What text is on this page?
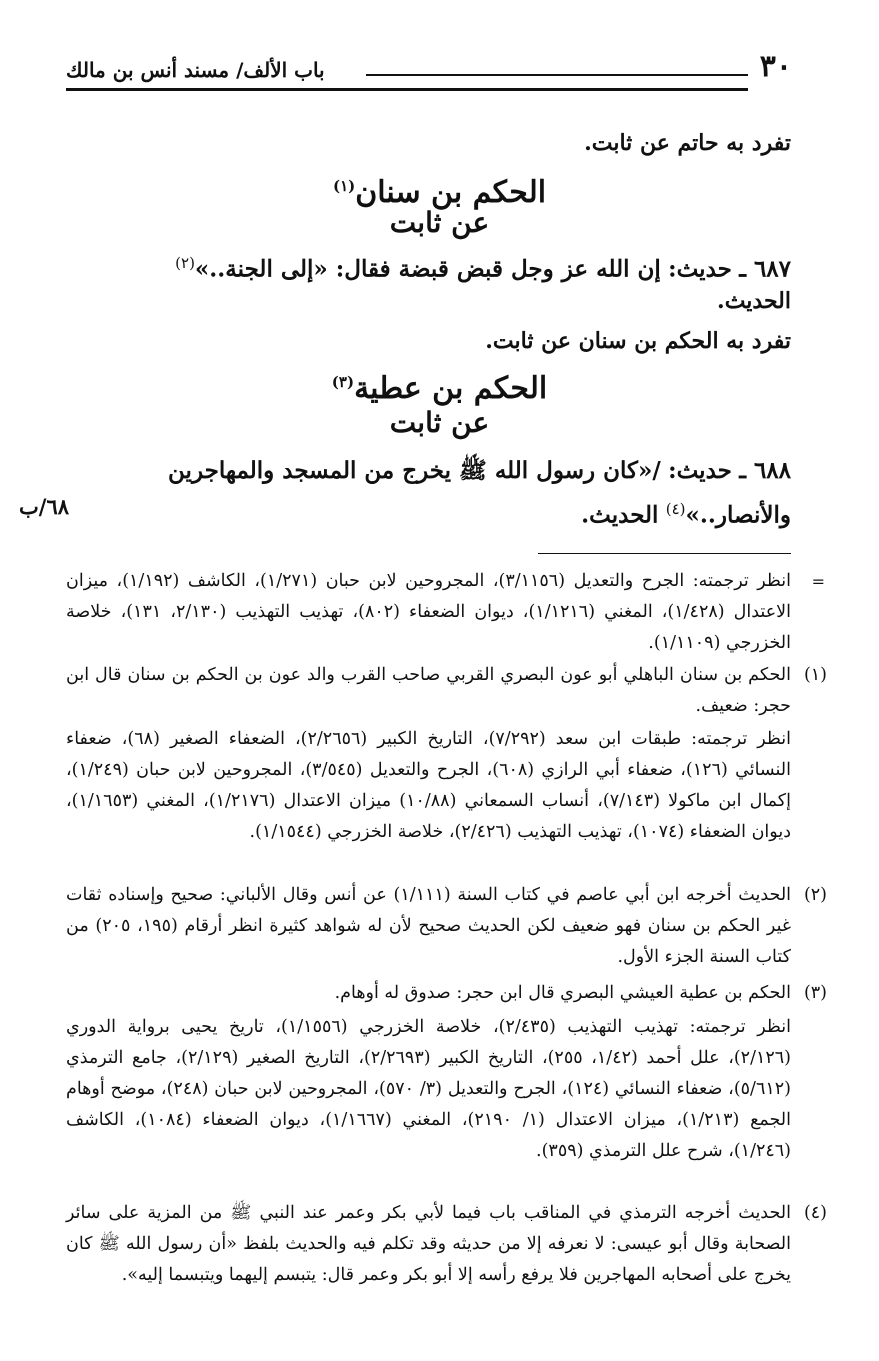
٣٠
باب الألف/ مسند أنس بن مالك
تفرد به حاتم عن ثابت.
الحكم بن سنان$^{(١)}$
عن ثابت
٦٨٧ ـ حديث: إن الله عز وجل قبض قبضة فقال: «إلى الجنة..»$^{(٢)}$
الحديث.
تفرد به الحكم بن سنان عن ثابت.
الحكم بن عطية$^{(٣)}$
عن ثابت
٦٨٨ ـ حديث: /«كان رسول الله ﷺ يخرج من المسجد والمهاجرين
والأنصار..»$^{(٤)}$ الحديث.
٦٨/ب
=
انظر ترجمته: الجرح والتعديل (٣/١١٥٦)، المجروحين لابن حبان (١/٢٧١)، الكاشف (١/١٩٢)، ميزان الاعتدال (١/٤٢٨)، المغني (١/١٢١٦)، ديوان الضعفاء (٨٠٢)، تهذيب التهذيب (٢/١٣٠، ١٣١)، خلاصة الخزرجي (١/١١٠٩).
(١)
الحكم بن سنان الباهلي أبو عون البصري القربي صاحب القرب والد عون بن الحكم بن سنان قال ابن حجر: ضعيف.
انظر ترجمته: طبقات ابن سعد (٧/٢٩٢)، التاريخ الكبير (٢/٢٦٥٦)، الضعفاء الصغير (٦٨)، ضعفاء النسائي (١٢٦)، ضعفاء أبي الرازي (٦٠٨)، الجرح والتعديل (٣/٥٤٥)، المجروحين لابن حبان (١/٢٤٩)، إكمال ابن ماكولا (٧/١٤٣)، أنساب السمعاني (١٠/٨٨) ميزان الاعتدال (١/٢١٧٦)، المغني (١/١٦٥٣)، ديوان الضعفاء (١٠٧٤)، تهذيب التهذيب (٢/٤٢٦)، خلاصة الخزرجي (١/١٥٤٤).
(٢)
الحديث أخرجه ابن أبي عاصم في كتاب السنة (١/١١١) عن أنس وقال الألباني: صحيح وإسناده ثقات غير الحكم بن سنان فهو ضعيف لكن الحديث صحيح لأن له شواهد كثيرة انظر أرقام (١٩٥، ٢٠٥) من كتاب السنة الجزء الأول.
(٣)
الحكم بن عطية العيشي البصري قال ابن حجر: صدوق له أوهام.
انظر ترجمته: تهذيب التهذيب (٢/٤٣٥)، خلاصة الخزرجي (١/١٥٥٦)، تاريخ يحيى برواية الدوري (٢/١٢٦)، علل أحمد (١/٤٢، ٢٥٥)، التاريخ الكبير (٢/٢٦٩٣)، التاريخ الصغير (٢/١٢٩)، جامع الترمذي (٥/٦١٢)، ضعفاء النسائي (١٢٤)، الجرح والتعديل (٣/ ٥٧٠)، المجروحين لابن حبان (٢٤٨)، موضح أوهام الجمع (١/٢١٣)، ميزان الاعتدال (١/ ٢١٩٠)، المغني (١/١٦٦٧)، ديوان الضعفاء (١٠٨٤)، الكاشف (١/٢٤٦)، شرح علل الترمذي (٣٥٩).
(٤)
الحديث أخرجه الترمذي في المناقب باب فيما لأبي بكر وعمر عند النبي ﷺ من المزية على سائر الصحابة وقال أبو عيسى: لا نعرفه إلا من حديثه وقد تكلم فيه والحديث بلفظ «أن رسول الله ﷺ كان يخرج على أصحابه المهاجرين فلا يرفع رأسه إلا أبو بكر وعمر قال: يتبسم إليهما ويتبسما إليه».
